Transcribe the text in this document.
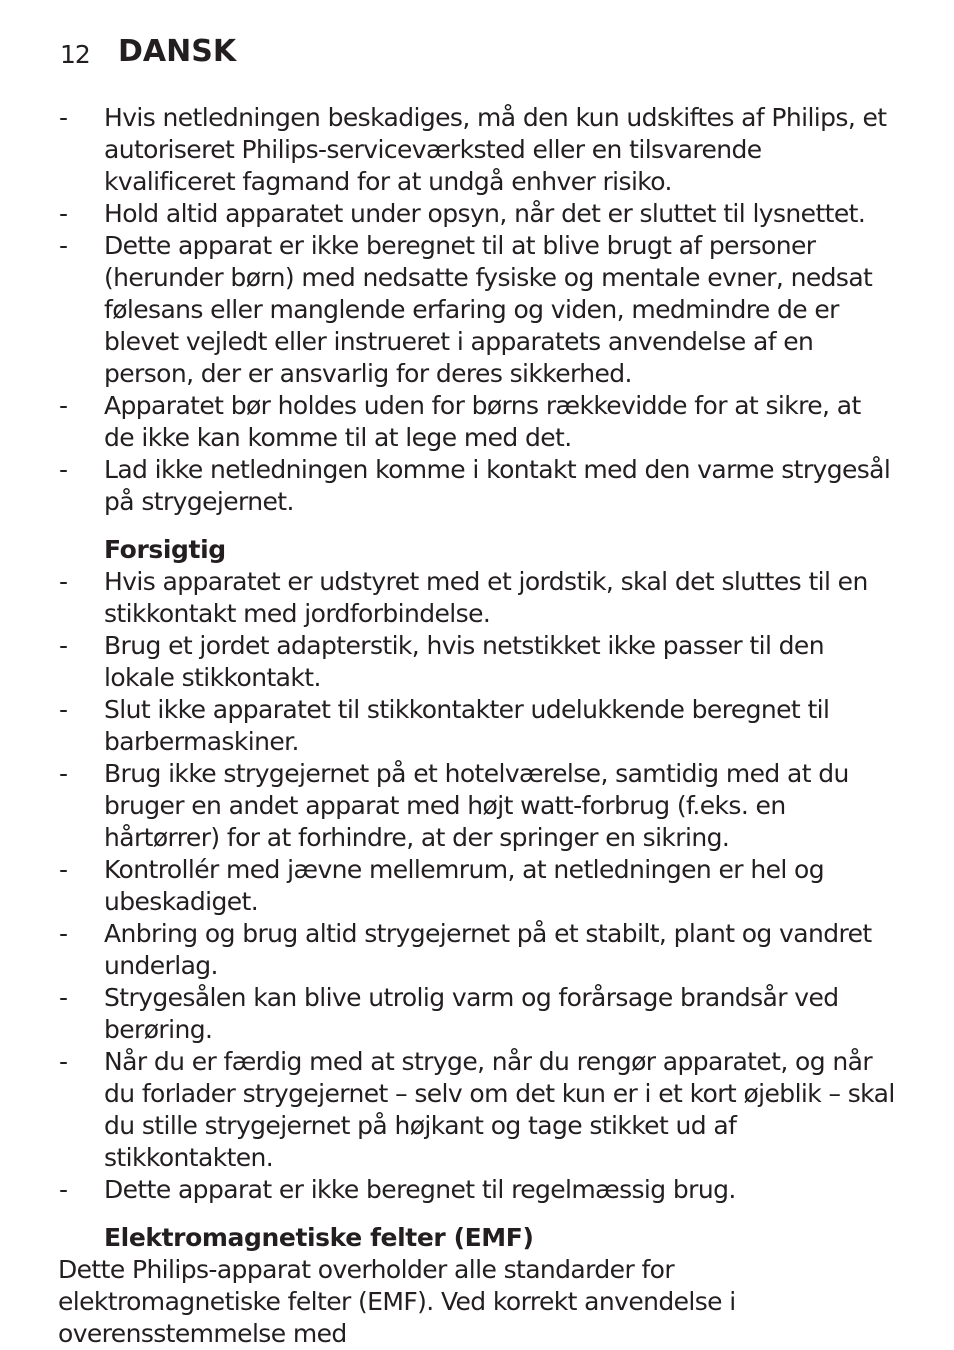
12 DANSK
- Hvis netledningen beskadiges, må den kun udskiftes af Philips, et autoriseret Philips-serviceværksted eller en tilsvarende kvalificeret fagmand for at undgå enhver risiko.
- Hold altid apparatet under opsyn, når det er sluttet til lysnettet.
- Dette apparat er ikke beregnet til at blive brugt af personer (herunder børn) med nedsatte fysiske og mentale evner, nedsat følesans eller manglende erfaring og viden, medmindre de er blevet vejledt eller instrueret i apparatets anvendelse af en person, der er ansvarlig for deres sikkerhed.
- Apparatet bør holdes uden for børns rækkevidde for at sikre, at de ikke kan komme til at lege med det.
- Lad ikke netledningen komme i kontakt med den varme strygesål på strygejernet.
Forsigtig
- Hvis apparatet er udstyret med et jordstik, skal det sluttes til en stikkontakt med jordforbindelse.
- Brug et jordet adapterstik, hvis netstikket ikke passer til den lokale stikkontakt.
- Slut ikke apparatet til stikkontakter udelukkende beregnet til barbermaskiner.
- Brug ikke strygejernet på et hotelværelse, samtidig med at du bruger en andet apparat med højt watt-forbrug (f.eks. en hårtørrer) for at forhindre, at der springer en sikring.
- Kontrollér med jævne mellemrum, at netledningen er hel og ubeskadiget.
- Anbring og brug altid strygejernet på et stabilt, plant og vandret underlag.
- Strygesålen kan blive utrolig varm og forårsage brandsår ved berøring.
- Når du er færdig med at stryge, når du rengør apparatet, og når du forlader strygejernet – selv om det kun er i et kort øjeblik – skal du stille strygejernet på højkant og tage stikket ud af stikkontakten.
- Dette apparat er ikke beregnet til regelmæssig brug.
Elektromagnetiske felter (EMF)
Dette Philips-apparat overholder alle standarder for elektromagnetiske felter (EMF). Ved korrekt anvendelse i overensstemmelse med
